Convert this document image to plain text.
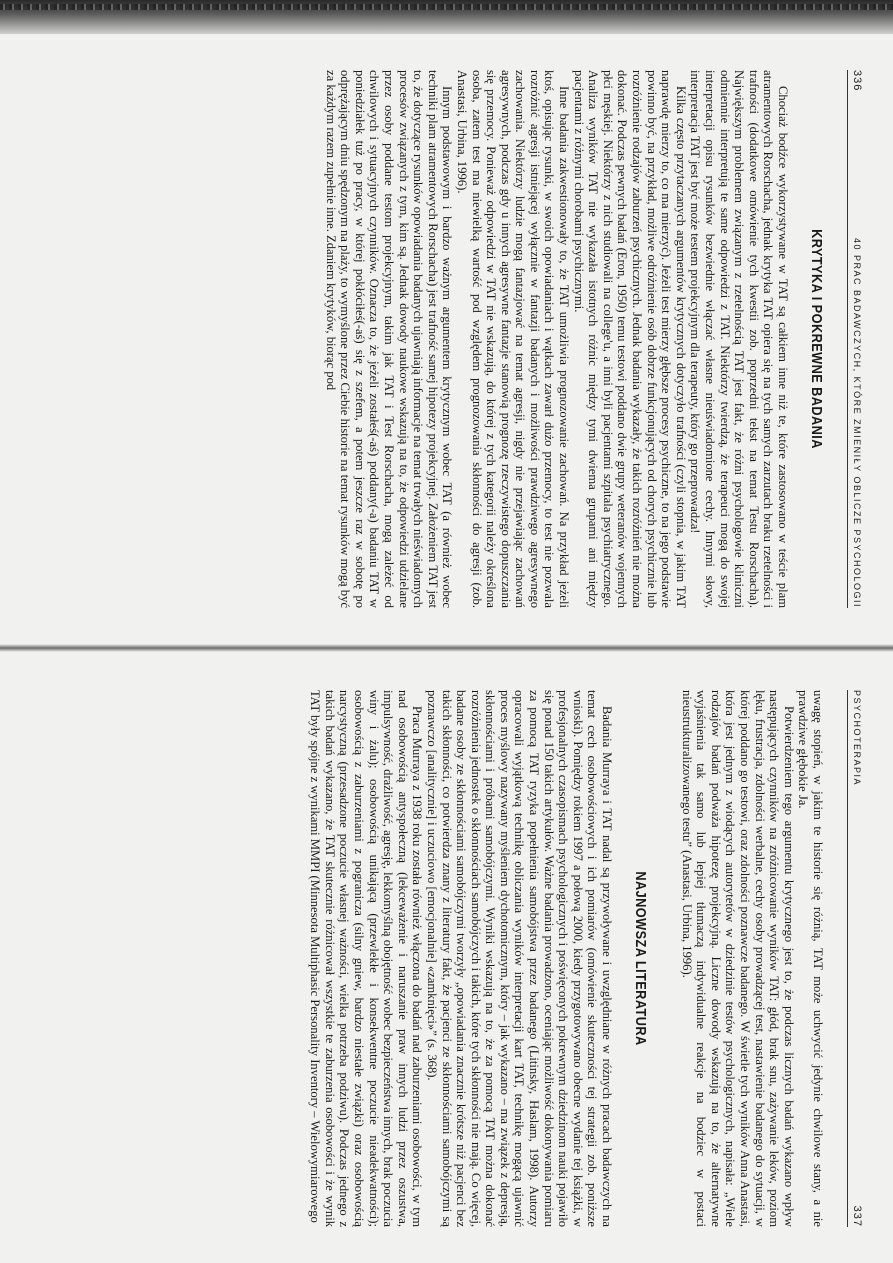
336
40 PRAC BADAWCZYCH, KTÓRE ZMIENIŁY OBLICZE PSYCHOLOGII
KRYTYKA I POKREWNE BADANIA

Chociaż bodźce wykorzystywane w TAT są całkiem inne niż te, które zastosowano w teście plam atramentowych Rorschacha, jednak krytyka TAT opiera się na tych samych zarzutach braku rzetelności i trafności (dodatkowe omówienie tych kwestii zob. poprzedni tekst na temat Testu Rorschacha). Największym problemem związanym z rzetelnością TAT jest fakt, że różni psychologowie kliniczni odmiennie interpretują te same odpowiedzi z TAT. Niektórzy twierdzą, że terapeuci mogą do swojej interpretacji opisu rysunków bezwiednie włączać własne nieuświadomione cechy. Innymi słowy, interpretacja TAT jest być może testem projekcyjnym dla terapeuty, który go przeprowadza!

Kilka często przytaczanych argumentów krytycznych dotyczyło trafności (czyli stopnia, w jakim TAT naprawdę mierzy to, co ma mierzyć). Jeżeli test mierzy głębsze procesy psychiczne, to na jego podstawie powinno być, na przykład, możliwe odróżnienie osób dobrze funkcjonujących od chorych psychicznie lub rozróżnienie rodzajów zaburzeń psychicznych. Jednak badania wykazały, że takich rozróżnień nie można dokonać. Podczas pewnych badań (Eron, 1950) temu testowi poddano dwie grupy weteranów wojennych płci męskiej. Niektórzy z nich studiowali na college'u, a inni byli pacjentami szpitala psychiatrycznego. Analiza wyników TAT nie wykazała istotnych różnic między tymi dwiema grupami ani między pacjentami z różnymi chorobami psychicznymi.

Inne badania zakwestionowały to, że TAT umożliwia prognozowanie zachowań. Na przykład jeżeli ktoś, opisując rysunki, w swoich opowiadaniach i wątkach zawarł dużo przemocy, to test nie pozwala rozróżnić agresji istniejącej wyłącznie w fantazji badanych i możliwości prawdziwego agresywnego zachowania. Niektórzy ludzie mogą fantazjować na temat agresji, nigdy nie przejawiając zachowań agresywnych, podczas gdy u innych agresywne fantazje stanowią prognozę rzeczywistego dopuszczania się przemocy. Ponieważ odpowiedzi w TAT nie wskazują, do której z tych kategorii należy określona osoba, zatem test ma niewielką wartość pod względem prognozowania skłonności do agresji (zob. Anastasi, Urbina, 1996).

Innym podstawowym i bardzo ważnym argumentem krytycznym wobec TAT (a również wobec techniki plam atramentowych Rorschacha) jest trafność samej hipotezy projekcyjnej. Założeniem TAT jest to, że dotyczące rysunków opowiadania badanych ujawniają informacje na temat trwałych nieświadomych procesów związanych z tym, kim są. Jednak dowody naukowe wskazują na to, że odpowiedzi udzielane przez osoby poddane testom projekcyjnym, takim jak TAT i Test Rorschacha, mogą zależeć od chwilowych i sytuacyjnych czynników. Oznacza to, że jeżeli zostałeś(-aś) poddany(-a) badaniu TAT w poniedziałek tuż po pracy, w której pokłóciłeś(-aś) się z szefem, a potem jeszcze raz w sobotę po odprężającym dniu spędzonym na plaży, to wymyślone przez Ciebie historie na temat rysunków mogą być za każdym razem zupełnie inne. Zdaniem krytyków, biorąc pod

PSYCHOTERAPIA
337

uwagę stopień, w jakim te historie się różnią, TAT może uchwycić jedynie chwilowe stany, a nie prawdziwe głębokie Ja.

Potwierdzeniem tego argumentu krytycznego jest to, że podczas licznych badań wykazano wpływ następujących czynników na zróżnicowanie wyników TAT: głód, brak snu, zażywanie leków, poziom lęku, frustracja, zdolności werbalne, cechy osoby prowadzącej test, nastawienie badanego do sytuacji, w której poddano go testowi, oraz zdolności poznawcze badanego. W świetle tych wyników Anna Anastasi, która jest jednym z wiodących autorytetów w dziedzinie testów psychologicznych, napisała: „Wiele rodzajów badań podważa hipotezę projekcyjną. Liczne dowody wskazują na to, że alternatywne wyjaśnienia tak samo lub lepiej tłumaczą indywidualne reakcje na bodziec w postaci nieustrukturalizowanego testu” (Anastasi, Urbina, 1996).

NAJNOWSZA LITERATURA

Badania Murraya i TAT nadal są przywoływane i uwzględniane w różnych pracach badawczych na temat cech osobowościowych i ich pomiarów (omówienie skuteczności tej strategii zob. poniższe wnioski). Pomiędzy rokiem 1997 a połową 2000, kiedy przygotowywano obecne wydanie tej książki, w profesjonalnych czasopismach psychologicznych i poświęconych pokrewnym dziedzinom nauki pojawiło się ponad 150 takich artykułów. Ważne badania prowadzono, oceniając możliwość dokonywania pomiaru za pomocą TAT ryzyka popełnienia samobójstwa przez badanego (Litinsky, Haslam, 1998). Autorzy opracowali wyjątkową technikę obliczania wyników interpretacji kart TAT, technikę mogącą ujawnić proces myślowy nazywany myśleniem dychotomicznym, który – jak wykazano – ma związek z depresją, skłonnościami i próbami samobójczymi. Wyniki wskazują na to, że za pomocą TAT można dokonać rozróżnienia jednostek o skłonnościach samobójczych i takich, które tych skłonności nie mają. Co więcej, badane osoby ze skłonnościami samobójczymi tworzyły „opowiadania znacznie krótsze niż pacjenci bez takich skłonności, co potwierdza znany z literatury fakt, że pacjenci ze skłonnościami samobójczymi są poznawczo [analitycznie] i uczuciowo [emocjonalnie] «zamknięci»” (s. 368).

Praca Murraya z 1938 roku została również włączona do badań nad zaburzeniami osobowości, w tym nad osobowością antyspołeczną (lekceważenie i naruszanie praw innych ludzi przez oszustwa, impulsywność, drażliwość, agresję, lekkomyślną obojętność wobec bezpieczeństwa innych, brak poczucia winy i żalu); osobowością unikającą (przewlekłe i konsekwentne poczucie nieadekwatności); osobowością z zaburzeniami z pogranicza (silny gniew, bardzo niestałe związki) oraz osobowością narcystyczną (przesadzone poczucie własnej ważności, wielka potrzeba podziwu). Podczas jednego z takich badań wykazano, że TAT skutecznie różnicował wszystkie te zaburzenia osobowości i że wynik TAT były spójne z wynikami MMPI (Minnesota Multiphasic Personality Inventory – Wielowymiarowego
